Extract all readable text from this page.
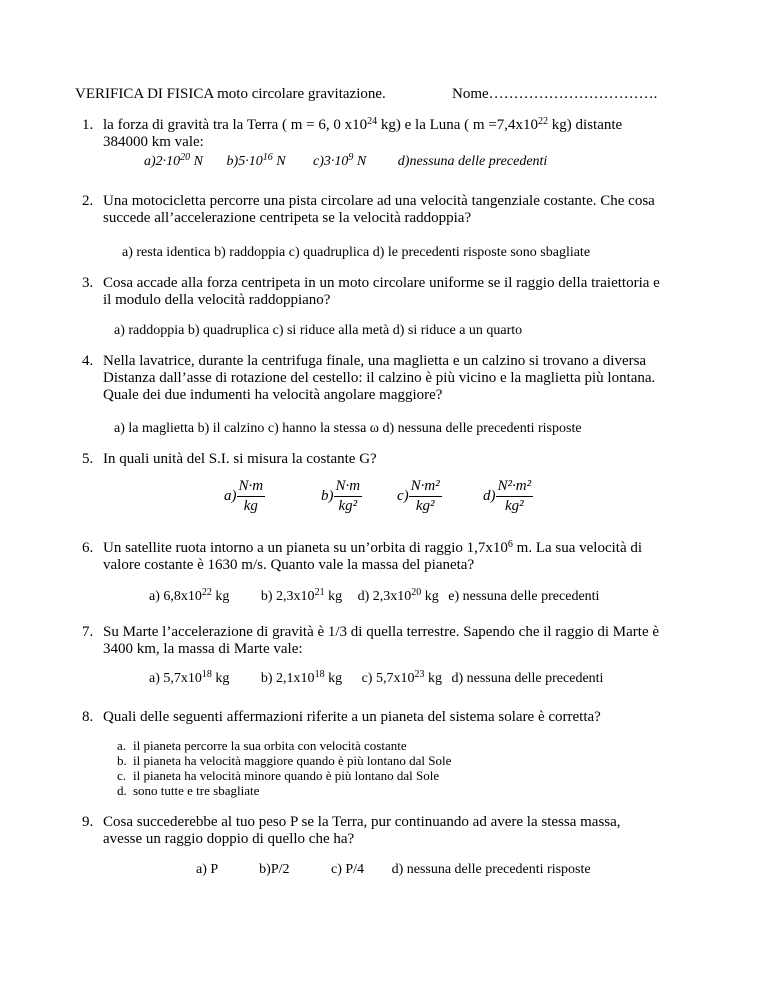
VERIFICA DI FISICA moto circolare gravitazione.	Nome…………………………….
1. la forza di gravità tra la Terra ( m = 6, 0 $x10^{24}$ kg) e la Luna ( $m =7,4x10^{22}$ kg) distante
384000 km vale:
$a)2\cdot 10^{20}$ N $b)5\cdot 10^{16}$ N $c)3\cdot 10^9$ N d)nessuna delle precedenti
2. Una motocicletta percorre una pista circolare ad una velocità tangenziale costante. Che cosa
succede all’accelerazione centripeta se la velocità raddoppia?
a) resta identica b) raddoppia c) quadruplica d) le precedenti risposte sono sbagliate
3. Cosa accade alla forza centripeta in un moto circolare uniforme se il raggio della traiettoria e
il modulo della velocità raddoppiano?
a) raddoppia b) quadruplica c) si riduce alla metà d) si riduce a un quarto
4. Nella lavatrice, durante la centrifuga finale, una maglietta e un calzino si trovano a diversa
Distanza dall’asse di rotazione del cestello: il calzino è più vicino e la maglietta più lontana.
Quale dei due indumenti ha velocità angolare maggiore?
a) la maglietta b) il calzino c) hanno la stessa ω d) nessuna delle precedenti risposte
5. In quali unità del S.I. si misura la costante G?
$a) \frac{N\cdot m}{kg}$	$b) \frac{N\cdot m}{\text{kg²}} c) \frac{\text{N·m²}}{\text{kg²}}$	$d) \frac{\text{N²·m²}}{\text{kg²}}$
6. Un satellite ruota intorno a un pianeta su un’orbita di raggio $1,7x10^6$ m. La sua velocità di
valore costante è 1630 m/s. Quanto vale la massa del pianeta?
a) $6,8x10^{22}$ kg b) $2,3x10^{21}$ kg d) $2,3x10^{20}$ kg e) nessuna delle precedenti
7. Su Marte l’accelerazione di gravità è 1/3 di quella terrestre. Sapendo che il raggio di Marte è
3400 km, la massa di Marte vale:
a) $5,7x10^{18}$ kg b) $2,1x10^{18}$ kg c) $5,7x10^{23}$ kg d) nessuna delle precedenti
8. Quali delle seguenti affermazioni riferite a un pianeta del sistema solare è corretta?
a. il pianeta percorre la sua orbita con velocità costante
b. il pianeta ha velocità maggiore quando è più lontano dal Sole
c. il pianeta ha velocità minore quando è più lontano dal Sole
d. sono tutte e tre sbagliate
9. Cosa succederebbe al tuo peso P se la Terra, pur continuando ad avere la stessa massa,
avesse un raggio doppio di quello che ha?
a) P	b)P/2	c) P/4 d) nessuna delle precedenti risposte
